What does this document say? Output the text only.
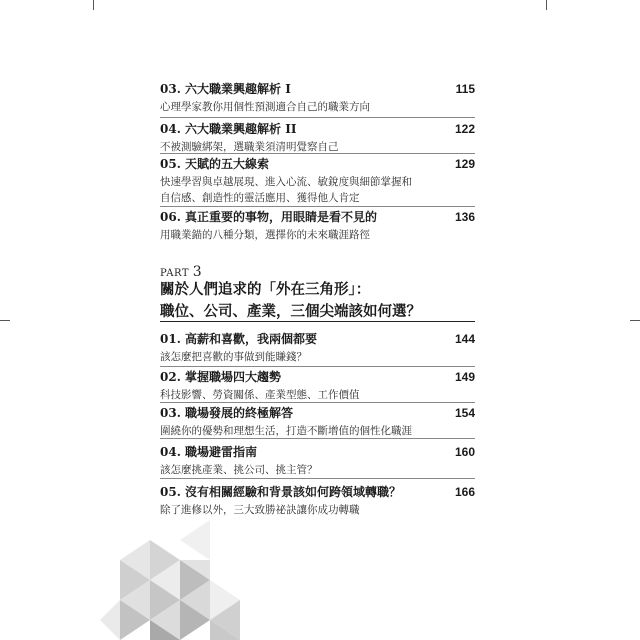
03. 六大職業興趣解析 I	115
心理學家教你用個性預測適合自己的職業方向
04. 六大職業興趣解析 II	122
不被測驗綁架，選職業須清明覺察自己
05. 天賦的五大線索	129
快速學習與卓越展現、進入心流、敏銳度與細節掌握和
自信感、創造性的靈活應用、獲得他人肯定
06. 真正重要的事物，用眼睛是看不見的	136
用職業錨的八種分類，選擇你的未來職涯路徑
PART 3
關於人們追求的「外在三角形」：
職位、公司、產業，三個尖端該如何選？
01. 高薪和喜歡，我兩個都要	144
該怎麼把喜歡的事做到能賺錢？
02. 掌握職場四大趨勢	149
科技影響、勞資關係、產業型態、工作價值
03. 職場發展的終極解答	154
圍繞你的優勢和理想生活，打造不斷增值的個性化職涯
04. 職場避雷指南	160
該怎麼挑產業、挑公司、挑主管？
05. 沒有相關經驗和背景該如何跨領域轉職？	166
除了進修以外，三大致勝祕訣讓你成功轉職
